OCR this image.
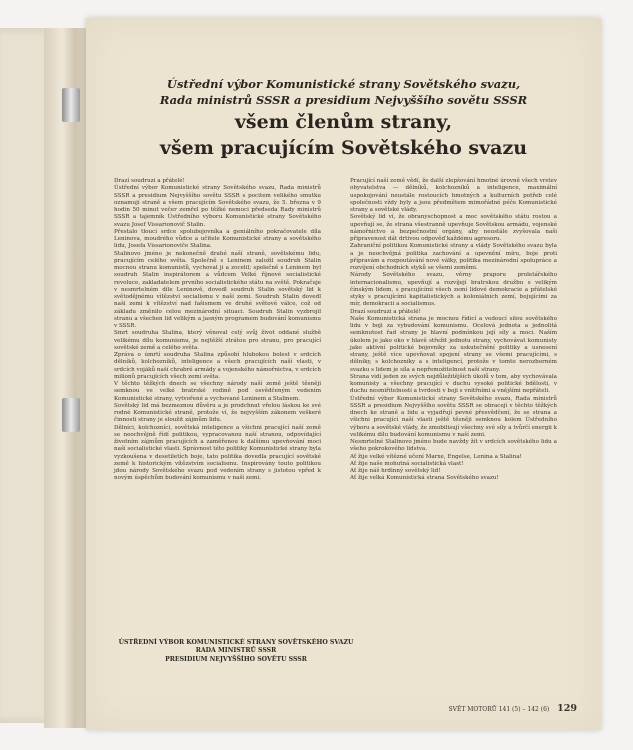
Ústřední výbor Komunistické strany Sovětského svazu,
Rada ministrů SSSR a presidium Nejvyššího sovětu SSSR
všem členům strany,
všem pracujícím Sovětského svazu

Drazí soudruzi a přátelé!

Ústřední výbor Komunistické strany Sovětského svazu, Rada ministrů SSSR a presidium Nejvyššího sovětu SSSR s pocitem velikého smutku oznamují straně a všem pracujícím Sovětského svazu, že 5. března v 9 hodin 50 minut večer zemřel po těžké nemoci předseda Rady ministrů SSSR a tajemník Ústředního výboru Komunistické strany Sovětského svazu Josef Vissarionovič Stalin.

Přestalo tlouci srdce spolubojovníka a geniálního pokračovatele díla Leninova, moudrého vůdce a učitele Komunistické strany a sovětského lidu, Josefa Vissarionoviče Stalina.

Stalinovo jméno je nekonečně drahé naší straně, sovětskému lidu, pracujícím celého světa. Společně s Leninem založil soudruh Stalin mocnou stranu komunistů, vychoval ji a zocelil; společně s Leninem byl soudruh Stalin inspirátorem a vůdcem Velké říjnové socialistické revoluce, zakladatelem prvního socialistického státu na světě. Pokračuje v nesmrtelném díle Leninově, dovedl soudruh Stalin sovětský lid k světodějnému vítězství socialismu v naší zemi. Soudruh Stalin dovedl naši zemi k vítězství nad fašismem ve druhé světové válce, což od základu změnilo celou mezinárodní situaci. Soudruh Stalin vyzbrojil stranu a všechen lid velikým a jasným programem budování komunismu v SSSR.

Smrt soudruha Stalina, který věnoval celý svůj život oddané službě velikému dílu komunismu, je nejtěžší ztrátou pro stranu, pro pracující sovětské země a celého světa.

Zpráva o úmrtí soudruha Stalina způsobí hlubokou bolest v srdcích dělníků, kolchozníků, inteligence a všech pracujících naší vlasti, v srdcích vojáků naší chrabré armády a vojenského námořnictva, v srdcích milionů pracujících všech zemí světa.

V těchto těžkých dnech se všechny národy naší země ještě těsněji semknou ve velké bratrské rodině pod osvědčeným vedením Komunistické strany, vytvořené a vychované Leninem a Stalinem.

Sovětský lid má bezmeznou důvěru a je prodchnut vřelou láskou ke své rodné Komunistické straně, protože ví, že nejvyšším zákonem veškeré činnosti strany je sloužit zájmům lidu.

Dělníci, kolchozníci, sovětská inteligence a všichni pracující naší země se neochvějně řídí politikou, vypracovanou naší stranou, odpovídající životním zájmům pracujících a zaměřenou k dalšímu upevňování moci naší socialistické vlasti. Správnost této politiky Komunistické strany byla vyzkoušena v desetiletích boje, tato politika dovedla pracující sovětské země k historickým vítězstvím socialismu. Inspirovány touto politikou jdou národy Sovětského svazu pod vedením strany s jistotou vpřed k novým úspěchům budování komunismu v naší zemi.

Pracující naší země vědí, že další zlepšování hmotné úrovně všech vrstev obyvatelstva — dělníků, kolchozníků a inteligence, maximální uspokojování neustále rostoucích hmotných a kulturních potřeb celé společnosti vždy byly a jsou předmětem mimořádné péče Komunistické strany a sovětské vlády.

Sovětský lid ví, že obranyschopnost a moc sovětského státu rostou a upevňují se, že strana všestranně upevňuje Sovětskou armádu, vojenské námořnictvo a bezpečnostní orgány, aby neustále zvyšovala naši připravenost dát drtivou odpověď každému agresoru.

Zahraniční politikou Komunistické strany a vlády Sovětského svazu byla a je neochvějná politika zachování a upevnění míru, boje proti přípravám a rozpoutávání nové války, politika mezinárodní spolupráce a rozvíjení obchodních styků se všemi zeměmi.

Národy Sovětského svazu, věrny praporu proletářského internacionalismu, upevňují a rozvíjejí bratrskou družbu s velikým čínským lidem, s pracujícími všech zemí lidové demokracie a přátelské styky s pracujícími kapitalistických a koloniálních zemí, bojujícími za mír, demokracii a socialismus.

Drazí soudruzi a přátelé!

Naše Komunistická strana je mocnou řídicí a vedoucí silou sovětského lidu v boji za vybudování komunismu. Ocelová jednota a jednolitá semknutost řad strany je hlavní podmínkou její síly a moci. Naším úkolem je jako oko v hlavě střežit jednotu strany, vychovávat komunisty jako aktivní politické bojovníky za uskutečnění politiky a usnesení strany, ještě více upevňovat spojení strany se všemi pracujícími, s dělníky, s kolchozníky a s inteligencí, protože v tomto nerozborném svazku s lidem je síla a nepřemožitelnost naší strany.

Strana vidí jeden ze svých nejdůležitějších úkolů v tom, aby vychovávala komunisty a všechny pracující v duchu vysoké politické bdělosti, v duchu nesmiřitelnosti a tvrdosti v boji s vnitřními a vnějšími nepřáteli.

Ústřední výbor Komunistické strany Sovětského svazu, Rada ministrů SSSR a presidium Nejvyššího sovětu SSSR se obracejí v těchto těžkých dnech ke straně a lidu a vyjadřují pevné přesvědčení, že se strana a všichni pracující naší vlasti ještě těsněji semknou kolem Ústředního výboru a sovětské vlády, že zmobilisují všechny své síly a tvůrčí energii k velikému dílu budování komunismu v naší zemi.

Nesmrtelné Stalinovo jméno bude navždy žít v srdcích sovětského lidu a všeho pokrokového lidstva.

Ať žije velké vítězné učení Marxe, Engelse, Lenina a Stalina!

Ať žije naše mohutná socialistická vlast!

Ať žije náš hrdinný sovětský lid!

Ať žije velká Komunistická strana Sovětského svazu!

ÚSTŘEDNÍ VÝBOR KOMUNISTICKÉ STRANY SOVĚTSKÉHO SVAZU
RADA MINISTRŮ SSSR
PRESIDIUM NEJVYŠŠÍHO SOVĚTU SSSR
SVĚT MOTORŮ 141 (5) – 142 (6) 129
